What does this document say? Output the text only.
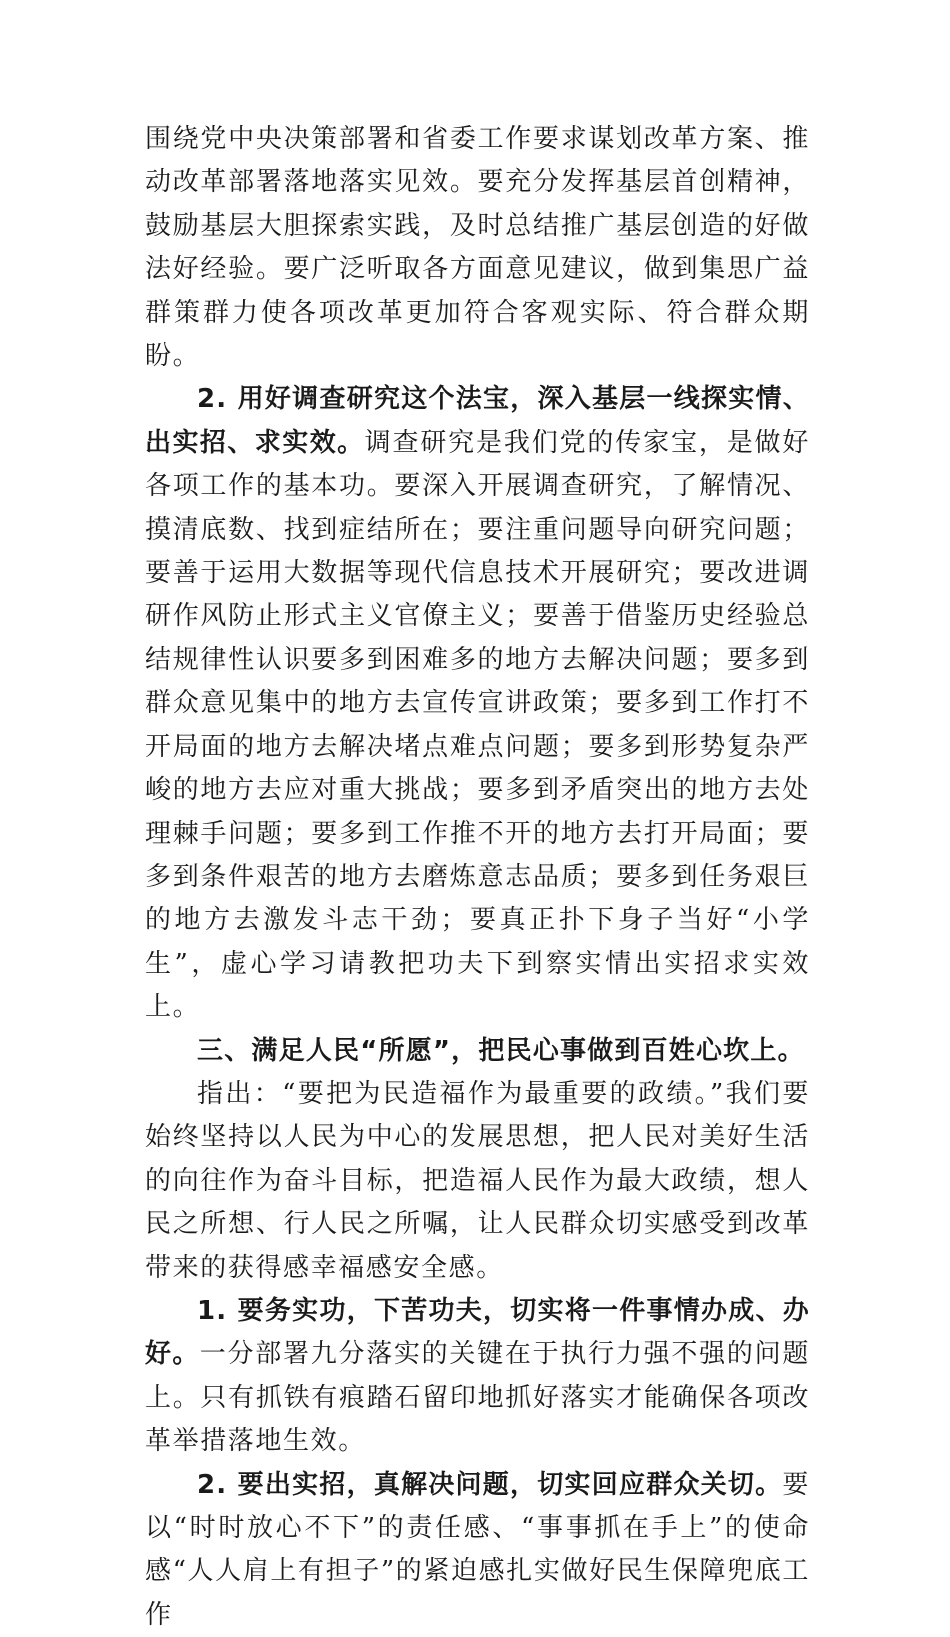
围绕党中央决策部署和省委工作要求谋划改革方案、推动改革部署落地落实见效。要充分发挥基层首创精神，鼓励基层大胆探索实践，及时总结推广基层创造的好做法好经验。要广泛听取各方面意见建议，做到集思广益群策群力使各项改革更加符合客观实际、符合群众期盼。

2. 用好调查研究这个法宝，深入基层一线探实情、出实招、求实效。调查研究是我们党的传家宝，是做好各项工作的基本功。要深入开展调查研究，了解情况、摸清底数、找到症结所在；要注重问题导向研究问题；要善于运用大数据等现代信息技术开展研究；要改进调研作风防止形式主义官僚主义；要善于借鉴历史经验总结规律性认识要多到困难多的地方去解决问题；要多到群众意见集中的地方去宣传宣讲政策；要多到工作打不开局面的地方去解决堵点难点问题；要多到形势复杂严峻的地方去应对重大挑战；要多到矛盾突出的地方去处理棘手问题；要多到工作推不开的地方去打开局面；要多到条件艰苦的地方去磨炼意志品质；要多到任务艰巨的地方去激发斗志干劲；要真正扑下身子当好“小学生”，虚心学习请教把功夫下到察实情出实招求实效上。

三、满足人民“所愿”，把民心事做到百姓心坎上。

指出：“要把为民造福作为最重要的政绩。”我们要始终坚持以人民为中心的发展思想，把人民对美好生活的向往作为奋斗目标，把造福人民作为最大政绩，想人民之所想、行人民之所嘱，让人民群众切实感受到改革带来的获得感幸福感安全感。

1. 要务实功，下苦功夫，切实将一件事情办成、办好。一分部署九分落实的关键在于执行力强不强的问题上。只有抓铁有痕踏石留印地抓好落实才能确保各项改革举措落地生效。

2. 要出实招，真解决问题，切实回应群众关切。要以“时时放心不下”的责任感、“事事抓在手上”的使命感“人人肩上有担子”的紧迫感扎实做好民生保障兜底工作
